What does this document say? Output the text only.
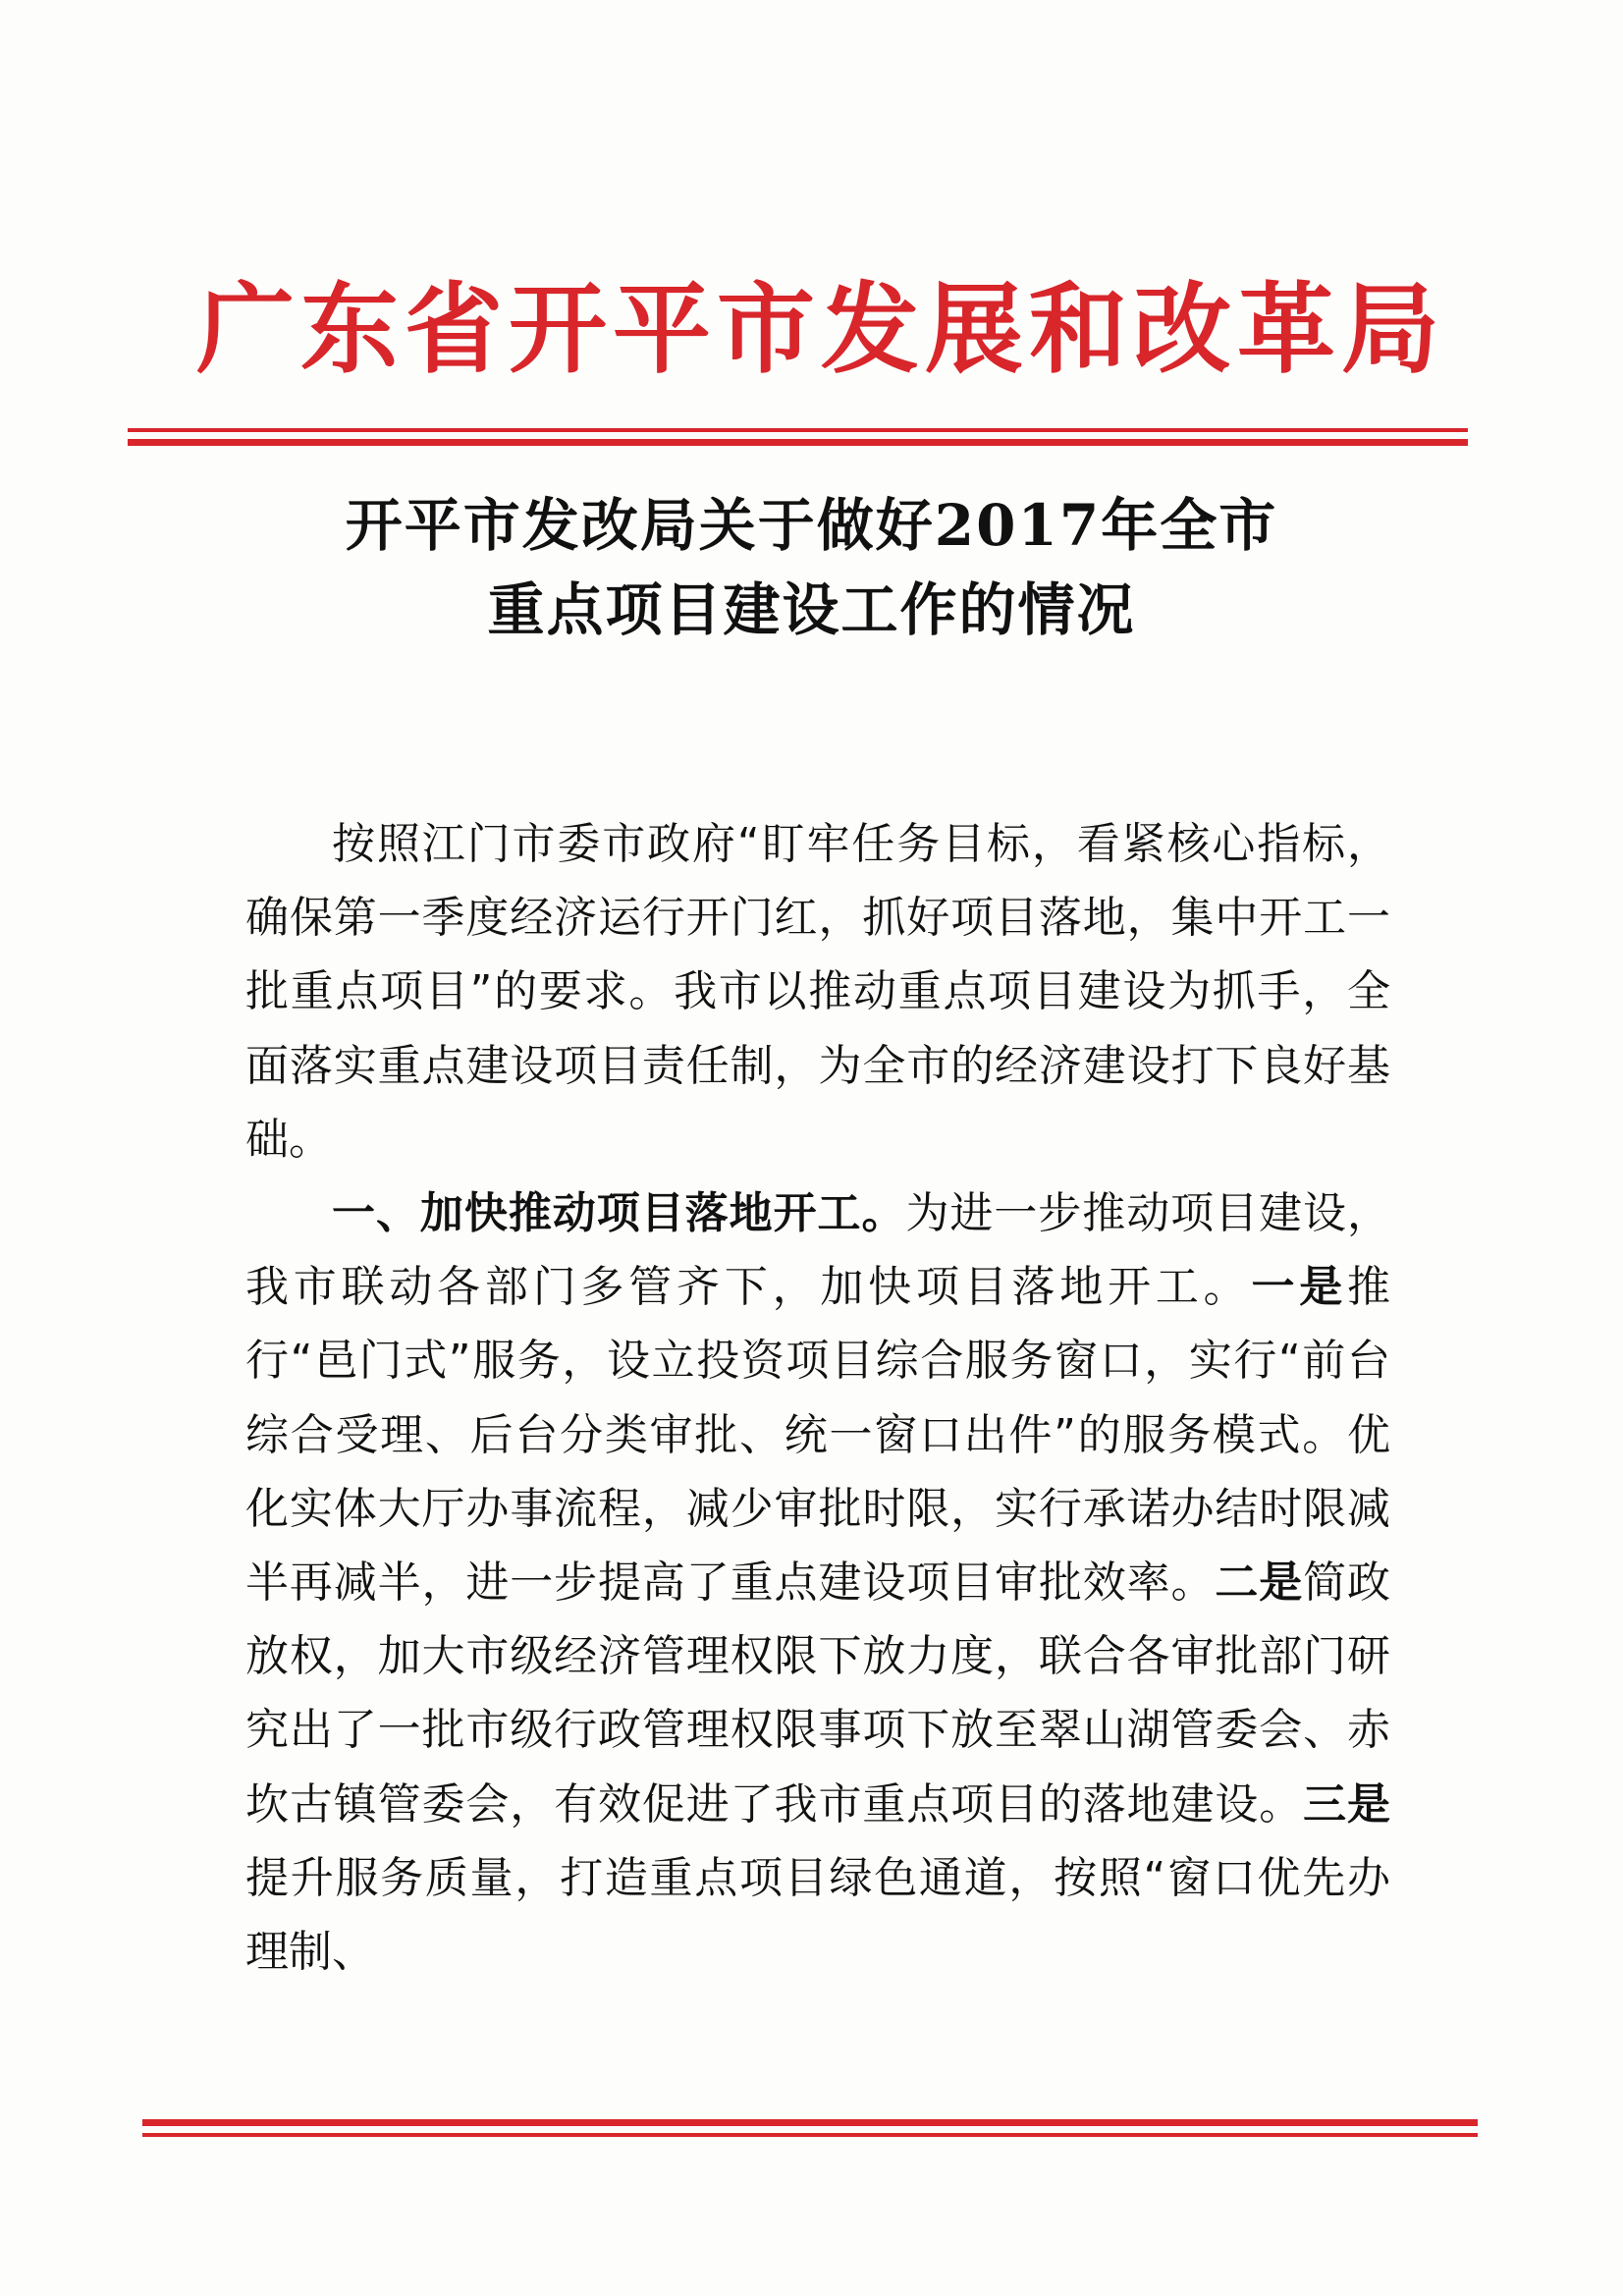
广东省开平市发展和改革局
开平市发改局关于做好2017年全市
重点项目建设工作的情况

按照江门市委市政府“盯牢任务目标，看紧核心指标，确保第一季度经济运行开门红，抓好项目落地，集中开工一批重点项目”的要求。我市以推动重点项目建设为抓手，全面落实重点建设项目责任制，为全市的经济建设打下良好基础。

一、加快推动项目落地开工。为进一步推动项目建设，我市联动各部门多管齐下，加快项目落地开工。一是推行“邑门式”服务，设立投资项目综合服务窗口，实行“前台综合受理、后台分类审批、统一窗口出件”的服务模式。优化实体大厅办事流程，减少审批时限，实行承诺办结时限减半再减半，进一步提高了重点建设项目审批效率。二是简政放权，加大市级经济管理权限下放力度，联合各审批部门研究出了一批市级行政管理权限事项下放至翠山湖管委会、赤坎古镇管委会，有效促进了我市重点项目的落地建设。三是提升服务质量，打造重点项目绿色通道，按照“窗口优先办理制、
